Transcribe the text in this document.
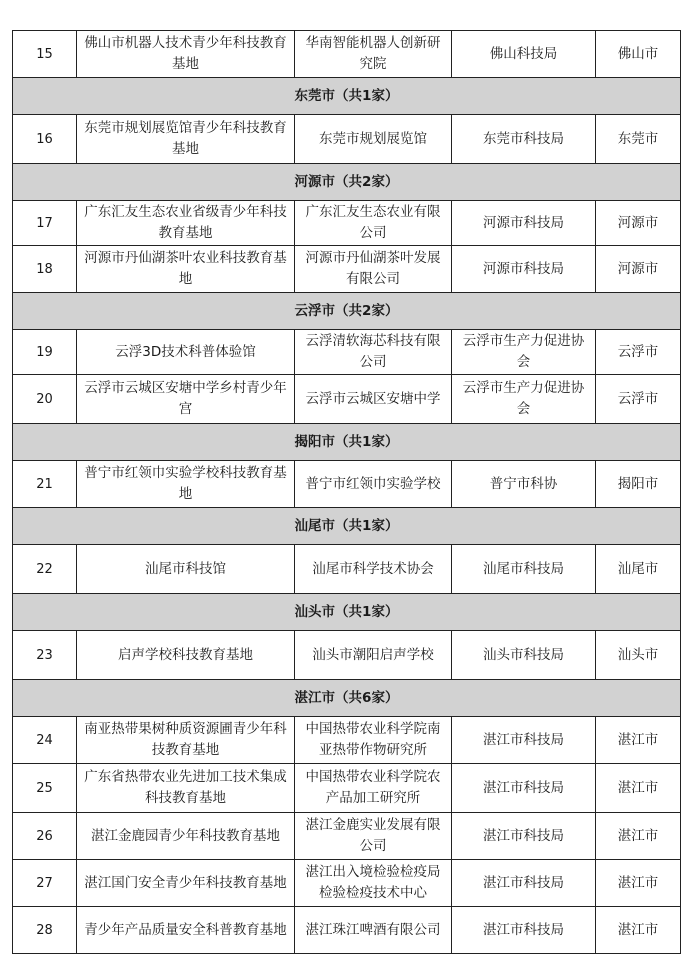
15	佛山市机器人技术青少年科技教育基地	华南智能机器人创新研究院	佛山科技局	佛山市
东莞市（共1家）				
16	东莞市规划展览馆青少年科技教育基地	东莞市规划展览馆	东莞市科技局	东莞市
河源市（共2家）				
17	广东汇友生态农业省级青少年科技教育基地	广东汇友生态农业有限公司	河源市科技局	河源市
18	河源市丹仙湖茶叶农业科技教育基地	河源市丹仙湖茶叶发展有限公司	河源市科技局	河源市
云浮市（共2家）				
19	云浮3D技术科普体验馆	云浮清软海芯科技有限公司	云浮市生产力促进协会	云浮市
20	云浮市云城区安塘中学乡村青少年宫	云浮市云城区安塘中学	云浮市生产力促进协会	云浮市
揭阳市（共1家）				
21	普宁市红领巾实验学校科技教育基地	普宁市红领巾实验学校	普宁市科协	揭阳市
汕尾市（共1家）				
22	汕尾市科技馆	汕尾市科学技术协会	汕尾市科技局	汕尾市
汕头市（共1家）				
23	启声学校科技教育基地	汕头市潮阳启声学校	汕头市科技局	汕头市
湛江市（共6家）				
24	南亚热带果树种质资源圃青少年科技教育基地	中国热带农业科学院南亚热带作物研究所	湛江市科技局	湛江市
25	广东省热带农业先进加工技术集成科技教育基地	中国热带农业科学院农产品加工研究所	湛江市科技局	湛江市
26	湛江金鹿园青少年科技教育基地	湛江金鹿实业发展有限公司	湛江市科技局	湛江市
27	湛江国门安全青少年科技教育基地	湛江出入境检验检疫局检验检疫技术中心	湛江市科技局	湛江市
28	青少年产品质量安全科普教育基地	湛江珠江啤酒有限公司	湛江市科技局	湛江市
